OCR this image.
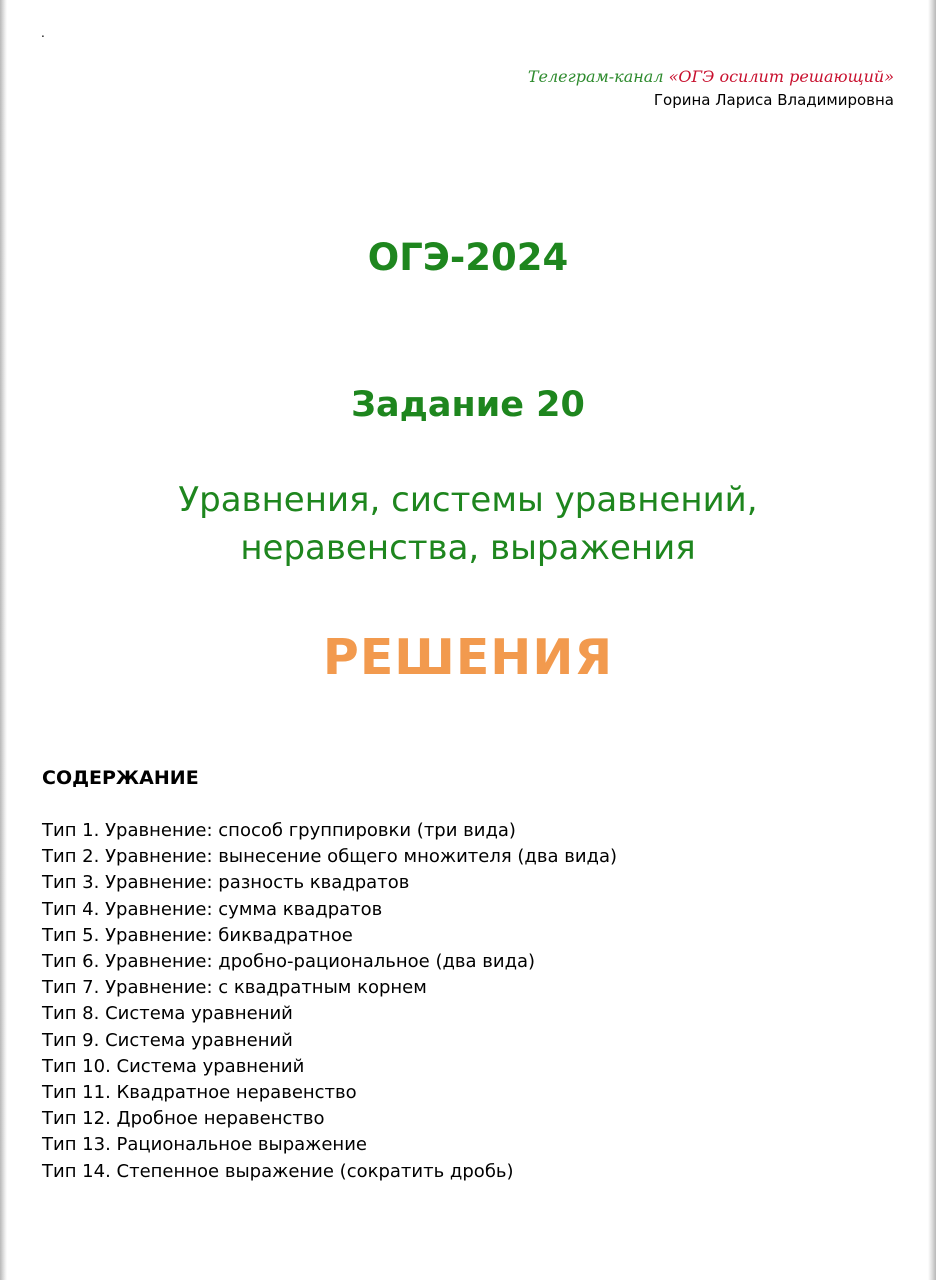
.
Телеграм-канал «ОГЭ осилит решающий»
Горина Лариса Владимировна
ОГЭ-2024
Задание 20
Уравнения, системы уравнений,
неравенства, выражения
РЕШЕНИЯ
СОДЕРЖАНИЕ
Тип 1. Уравнение: способ группировки (три вида)
Тип 2. Уравнение: вынесение общего множителя (два вида)
Тип 3. Уравнение: разность квадратов
Тип 4. Уравнение: сумма квадратов
Тип 5. Уравнение: биквадратное
Тип 6. Уравнение: дробно-рациональное (два вида)
Тип 7. Уравнение: с квадратным корнем
Тип 8. Система уравнений
Тип 9. Система уравнений
Тип 10. Система уравнений
Тип 11. Квадратное неравенство
Тип 12. Дробное неравенство
Тип 13. Рациональное выражение
Тип 14. Степенное выражение (сократить дробь)
